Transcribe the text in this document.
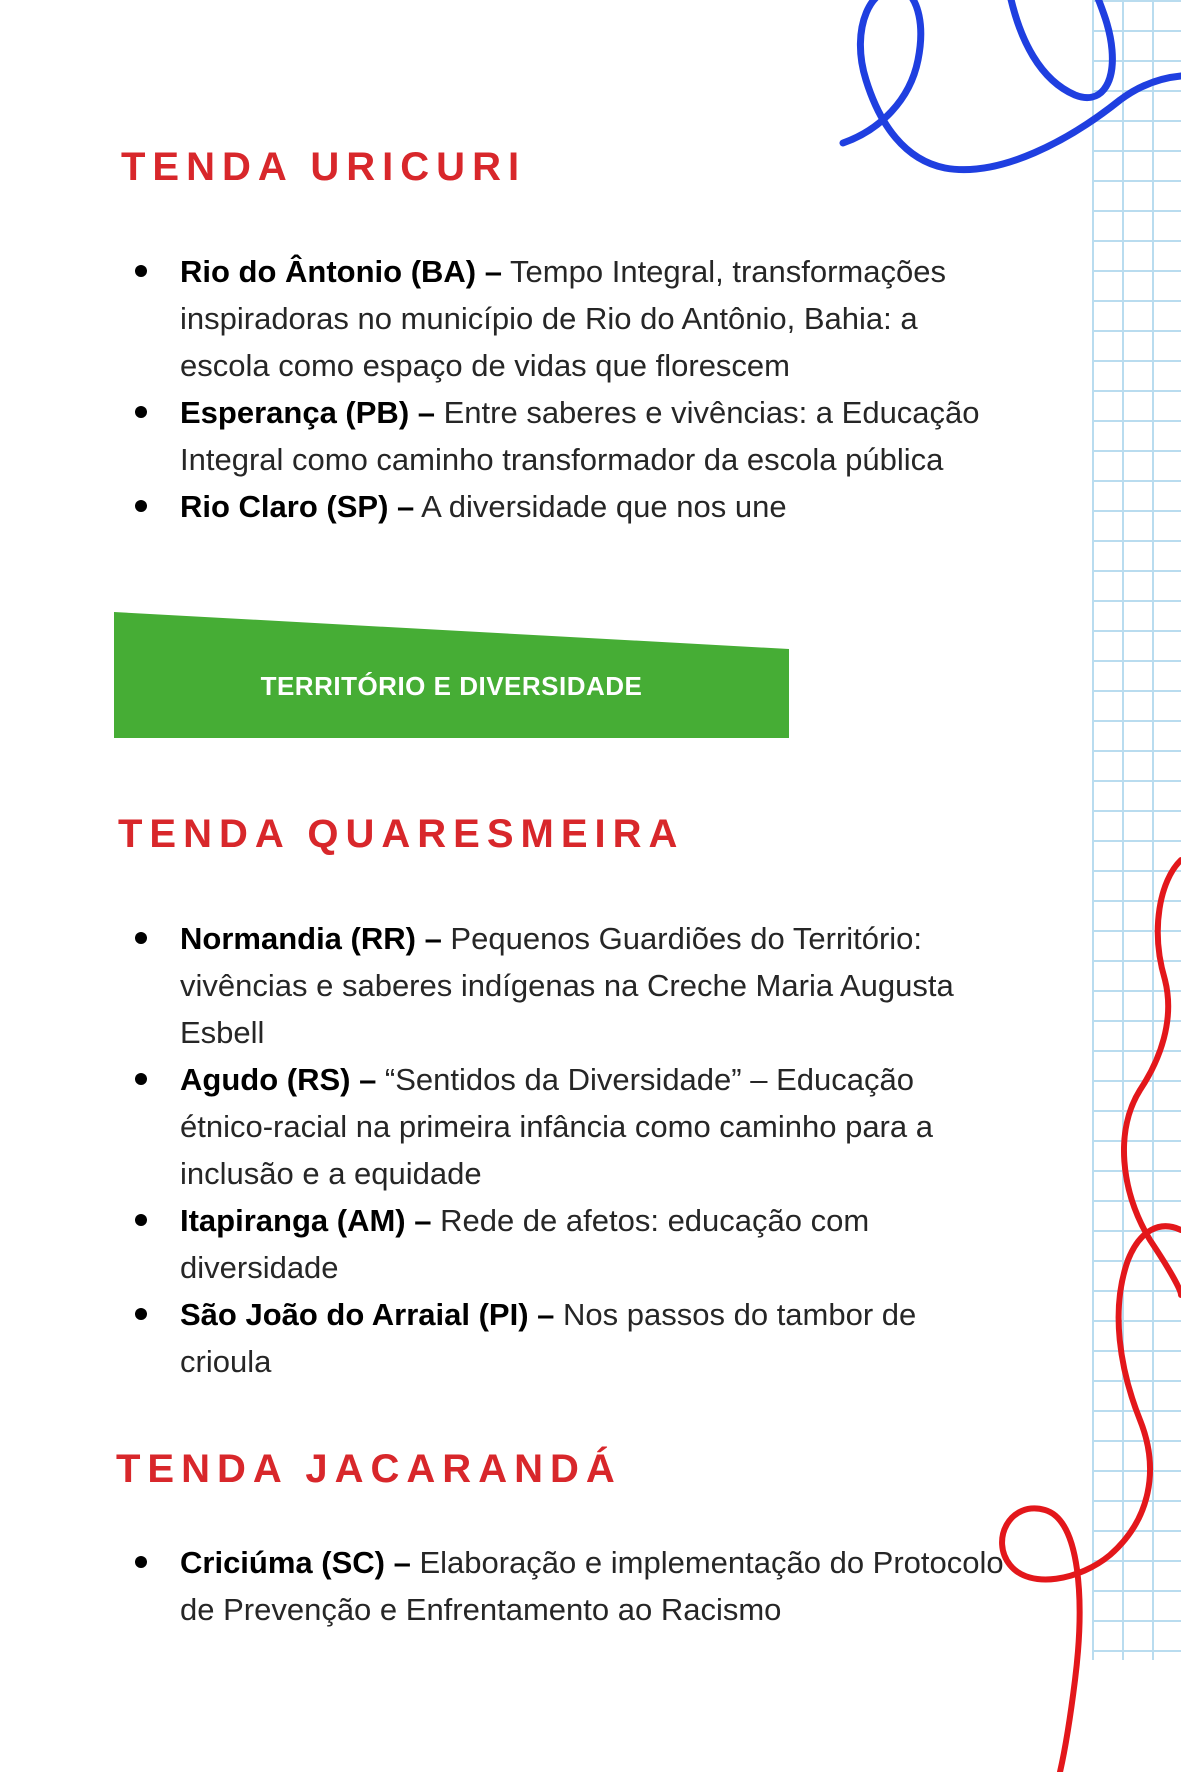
TENDA URICURI
Rio do Ântonio (BA) – Tempo Integral, transformações inspiradoras no município de Rio do Antônio, Bahia: a escola como espaço de vidas que florescem
Esperança (PB) – Entre saberes e vivências: a Educação Integral como caminho transformador da escola pública
Rio Claro (SP) – A diversidade que nos une
TERRITÓRIO E DIVERSIDADE
TENDA QUARESMEIRA
Normandia (RR) – Pequenos Guardiões do Território: vivências e saberes indígenas na Creche Maria Augusta Esbell
Agudo (RS) – “Sentidos da Diversidade” – Educação étnico-racial na primeira infância como caminho para a inclusão e a equidade
Itapiranga (AM) – Rede de afetos: educação com diversidade
São João do Arraial (PI) – Nos passos do tambor de crioula
TENDA JACARANDÁ
Criciúma (SC) – Elaboração e implementação do Protocolo de Prevenção e Enfrentamento ao Racismo
